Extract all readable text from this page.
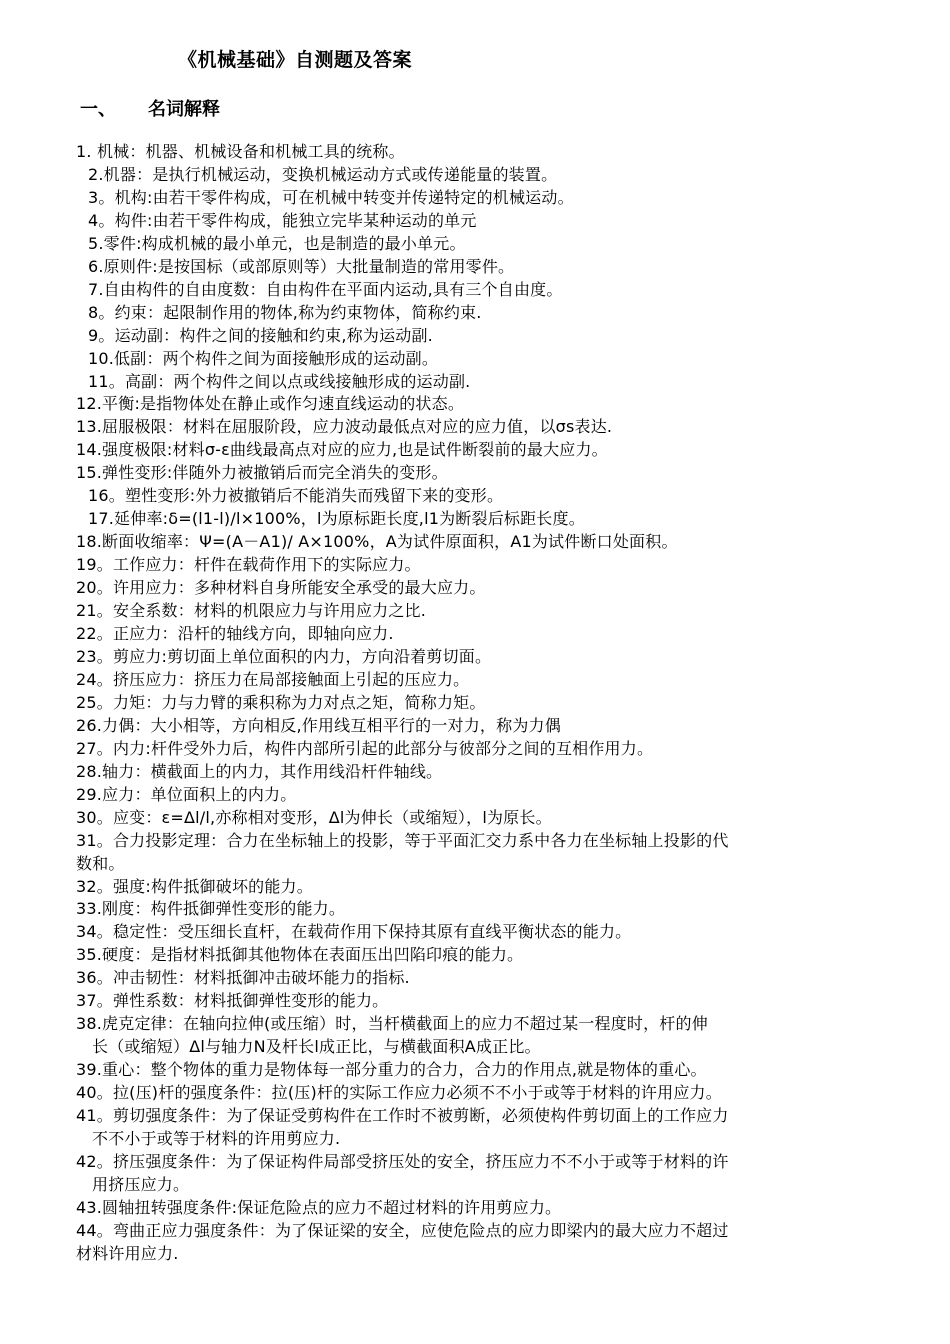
《机械基础》自测题及答案
一、 名词解释
1. 机械：机器、机械设备和机械工具的统称。
2.机器：是执行机械运动，变换机械运动方式或传递能量的装置。
3。机构:由若干零件构成，可在机械中转变并传递特定的机械运动。
4。构件:由若干零件构成，能独立完毕某种运动的单元
5.零件:构成机械的最小单元，也是制造的最小单元。
6.原则件:是按国标（或部原则等）大批量制造的常用零件。
7.自由构件的自由度数：自由构件在平面内运动,具有三个自由度。
8。约束：起限制作用的物体,称为约束物体，简称约束.
9。运动副：构件之间的接触和约束,称为运动副.
10.低副：两个构件之间为面接触形成的运动副。
11。高副：两个构件之间以点或线接触形成的运动副.
12.平衡:是指物体处在静止或作匀速直线运动的状态。
13.屈服极限：材料在屈服阶段，应力波动最低点对应的应力值，以σs表达.
14.强度极限:材料σ-ε曲线最高点对应的应力,也是试件断裂前的最大应力。
15.弹性变形:伴随外力被撤销后而完全消失的变形。
16。塑性变形:外力被撤销后不能消失而残留下来的变形。
17.延伸率:δ=(l1-l)/l×100%，l为原标距长度,l1为断裂后标距长度。
18.断面收缩率：Ψ=(A－A1)/ A×100%，A为试件原面积，A1为试件断口处面积。
19。工作应力：杆件在载荷作用下的实际应力。
20。许用应力：多种材料自身所能安全承受的最大应力。
21。安全系数：材料的机限应力与许用应力之比.
22。正应力：沿杆的轴线方向，即轴向应力.
23。剪应力:剪切面上单位面积的内力，方向沿着剪切面。
24。挤压应力：挤压力在局部接触面上引起的压应力。
25。力矩：力与力臂的乘积称为力对点之矩，简称力矩。
26.力偶：大小相等，方向相反,作用线互相平行的一对力，称为力偶
27。内力:杆件受外力后，构件内部所引起的此部分与彼部分之间的互相作用力。
28.轴力：横截面上的内力，其作用线沿杆件轴线。
29.应力：单位面积上的内力。
30。应变：ε=Δl/l,亦称相对变形，Δl为伸长（或缩短），l为原长。
31。合力投影定理：合力在坐标轴上的投影，等于平面汇交力系中各力在坐标轴上投影的代
数和。
32。强度:构件抵御破坏的能力。
33.刚度：构件抵御弹性变形的能力。
34。稳定性：受压细长直杆，在载荷作用下保持其原有直线平衡状态的能力。
35.硬度：是指材料抵御其他物体在表面压出凹陷印痕的能力。
36。冲击韧性：材料抵御冲击破坏能力的指标.
37。弹性系数：材料抵御弹性变形的能力。
38.虎克定律：在轴向拉伸(或压缩）时，当杆横截面上的应力不超过某一程度时，杆的伸
长（或缩短）Δl与轴力N及杆长l成正比，与横截面积A成正比。
39.重心：整个物体的重力是物体每一部分重力的合力，合力的作用点,就是物体的重心。
40。拉(压)杆的强度条件：拉(压)杆的实际工作应力必须不不小于或等于材料的许用应力。
41。剪切强度条件：为了保证受剪构件在工作时不被剪断，必须使构件剪切面上的工作应力
不不小于或等于材料的许用剪应力.
42。挤压强度条件：为了保证构件局部受挤压处的安全，挤压应力不不小于或等于材料的许
用挤压应力。
43.圆轴扭转强度条件:保证危险点的应力不超过材料的许用剪应力。
44。弯曲正应力强度条件：为了保证梁的安全，应使危险点的应力即梁内的最大应力不超过
材料许用应力.
